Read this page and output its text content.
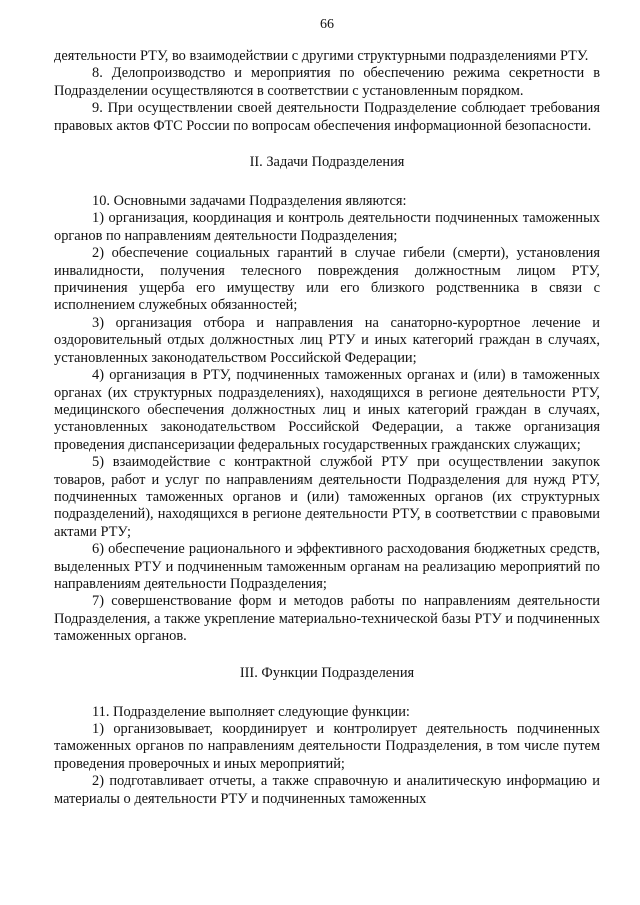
66

деятельности РТУ, во взаимодействии с другими структурными подразделениями РТУ.

8. Делопроизводство и мероприятия по обеспечению режима секретности в Подразделении осуществляются в соответствии с установленным порядком.

9. При осуществлении своей деятельности Подразделение соблюдает требования правовых актов ФТС России по вопросам обеспечения информационной безопасности.

II. Задачи Подразделения

10. Основными задачами Подразделения являются:

1) организация, координация и контроль деятельности подчиненных таможенных органов по направлениям деятельности Подразделения;

2) обеспечение социальных гарантий в случае гибели (смерти), установления инвалидности, получения телесного повреждения должностным лицом РТУ, причинения ущерба его имуществу или его близкого родственника в связи с исполнением служебных обязанностей;

3) организация отбора и направления на санаторно-курортное лечение и оздоровительный отдых должностных лиц РТУ и иных категорий граждан в случаях, установленных законодательством Российской Федерации;

4) организация в РТУ, подчиненных таможенных органах и (или) в таможенных органах (их структурных подразделениях), находящихся в регионе деятельности РТУ, медицинского обеспечения должностных лиц и иных категорий граждан в случаях, установленных законодательством Российской Федерации, а также организация проведения диспансеризации федеральных государственных гражданских служащих;

5) взаимодействие с контрактной службой РТУ при осуществлении закупок товаров, работ и услуг по направлениям деятельности Подразделения для нужд РТУ, подчиненных таможенных органов и (или) таможенных органов (их структурных подразделений), находящихся в регионе деятельности РТУ, в соответствии с правовыми актами РТУ;

6) обеспечение рационального и эффективного расходования бюджетных средств, выделенных РТУ и подчиненным таможенным органам на реализацию мероприятий по направлениям деятельности Подразделения;

7) совершенствование форм и методов работы по направлениям деятельности Подразделения, а также укрепление материально-технической базы РТУ и подчиненных таможенных органов.

III. Функции Подразделения

11. Подразделение выполняет следующие функции:

1) организовывает, координирует и контролирует деятельность подчиненных таможенных органов по направлениям деятельности Подразделения, в том числе путем проведения проверочных и иных мероприятий;

2) подготавливает отчеты, а также справочную и аналитическую информацию и материалы о деятельности РТУ и подчиненных таможенных
